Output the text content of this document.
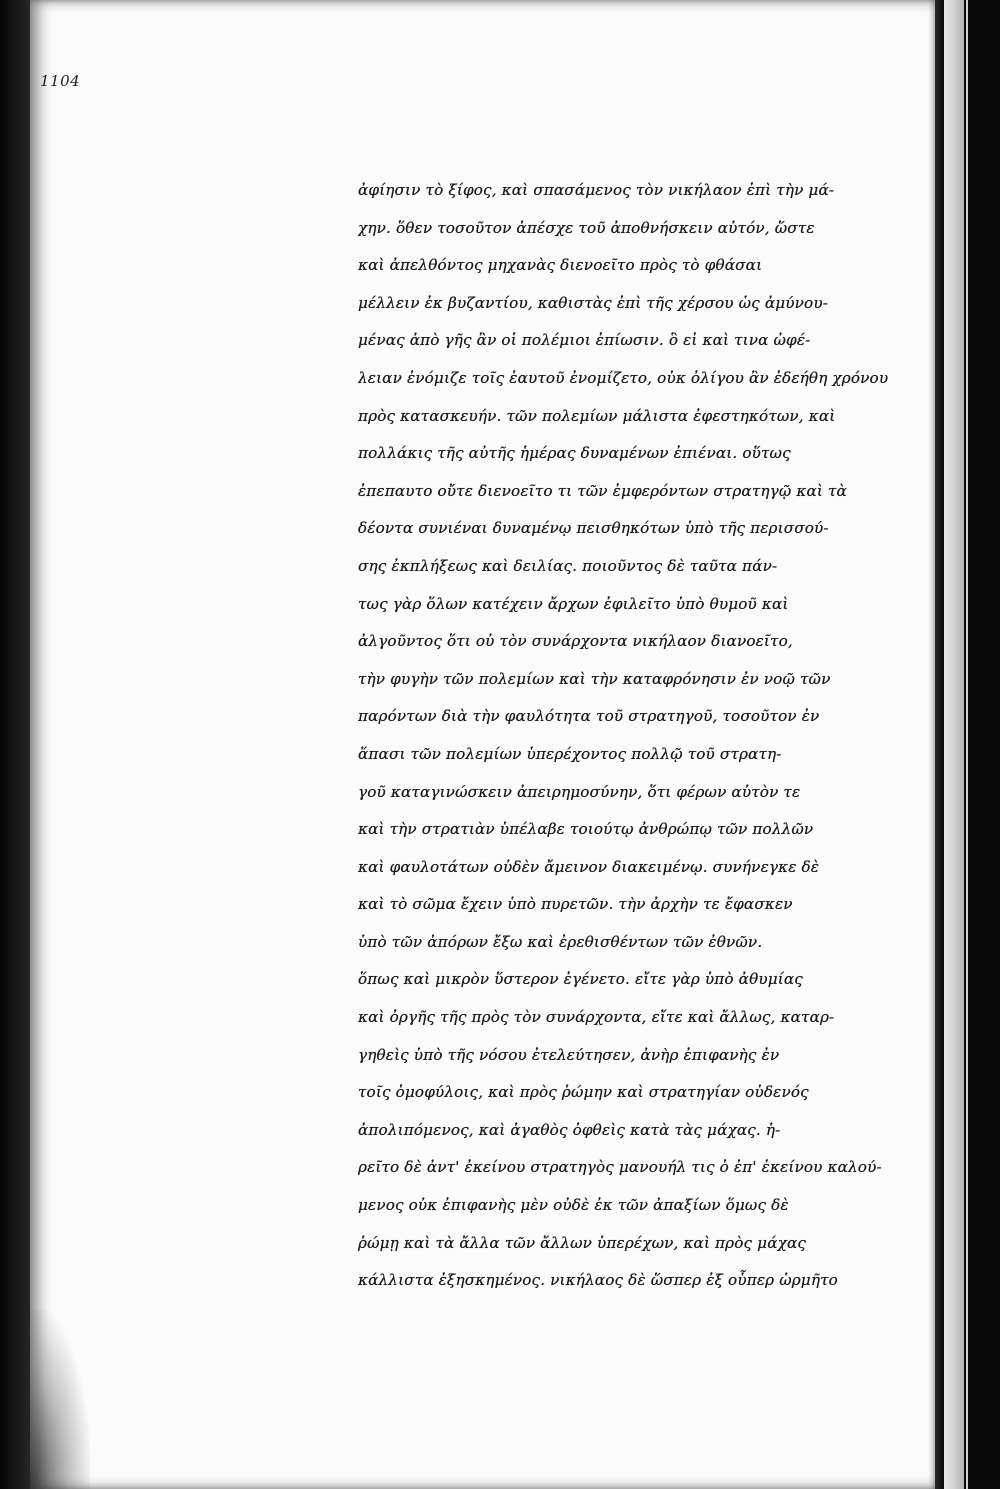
1104
ἀφίησιν τὸ ξίφος, καὶ σπασάμενος τὸν νικήλαον ἐπὶ τὴν μά-
χην. ὅθεν τοσοῦτον ἀπέσχε τοῦ ἀποθνήσκειν αὐτόν, ὥστε
καὶ ἀπελθόντος μηχανὰς διενοεῖτο πρὸς τὸ φθάσαι
μέλλειν ἐκ βυζαντίου, καθιστὰς ἐπὶ τῆς χέρσου ὡς ἀμύνου-
μένας ἀπὸ γῆς ἂν οἱ πολέμιοι ἐπίωσιν. ὃ εἰ καὶ τινα ὠφέ-
λειαν ἐνόμιζε τοῖς ἑαυτοῦ ἐνομίζετο, οὐκ ὀλίγου ἂν ἐδεήθη χρόνου
πρὸς κατασκευήν. τῶν πολεμίων μάλιστα ἐφεστηκότων, καὶ
πολλάκις τῆς αὐτῆς ἡμέρας δυναμένων ἐπιέναι. οὕτως
ἐπεπαυτο οὔτε διενοεῖτο τι τῶν ἐμφερόντων στρατηγῷ καὶ τὰ
δέοντα συνιέναι δυναμένῳ πεισθηκότων ὑπὸ τῆς περισσού-
σης ἐκπλήξεως καὶ δειλίας. ποιοῦντος δὲ ταῦτα πάν-
τως γὰρ ὅλων κατέχειν ἄρχων ἐφιλεῖτο ὑπὸ θυμοῦ καὶ
ἀλγοῦντος ὅτι οὐ τὸν συνάρχοντα νικήλαον διανοεῖτο,
τὴν φυγὴν τῶν πολεμίων καὶ τὴν καταφρόνησιν ἐν νοῷ τῶν
παρόντων διὰ τὴν φαυλότητα τοῦ στρατηγοῦ, τοσοῦτον ἐν
ἅπασι τῶν πολεμίων ὑπερέχοντος πολλῷ τοῦ στρατη-
γοῦ καταγινώσκειν ἀπειρημοσύνην, ὅτι φέρων αὐτὸν τε
καὶ τὴν στρατιὰν ὑπέλαβε τοιούτῳ ἀνθρώπῳ τῶν πολλῶν
καὶ φαυλοτάτων οὐδὲν ἄμεινον διακειμένῳ. συνήνεγκε δὲ
καὶ τὸ σῶμα ἔχειν ὑπὸ πυρετῶν. τὴν ἀρχὴν τε ἔφασκεν
ὑπὸ τῶν ἀπόρων ἔξω καὶ ἐρεθισθέντων τῶν ἐθνῶν.
ὅπως καὶ μικρὸν ὕστερον ἐγένετο. εἴτε γὰρ ὑπὸ ἀθυμίας
καὶ ὀργῆς τῆς πρὸς τὸν συνάρχοντα, εἴτε καὶ ἄλλως, καταρ-
γηθεὶς ὑπὸ τῆς νόσου ἐτελεύτησεν, ἀνὴρ ἐπιφανὴς ἐν
τοῖς ὁμοφύλοις, καὶ πρὸς ῥώμην καὶ στρατηγίαν οὐδενός
ἀπολιπόμενος, καὶ ἀγαθὸς ὀφθεὶς κατὰ τὰς μάχας. ἡ-
ρεῖτο δὲ ἀντ' ἐκείνου στρατηγὸς μανουήλ τις ὁ ἐπ' ἐκείνου καλού-
μενος οὐκ ἐπιφανὴς μὲν οὐδὲ ἐκ τῶν ἀπαξίων ὅμως δὲ
ῥώμῃ καὶ τὰ ἄλλα τῶν ἄλλων ὑπερέχων, καὶ πρὸς μάχας
κάλλιστα ἐξησκημένος. νικήλαος δὲ ὥσπερ ἐξ οὗπερ ὡρμῆτο
